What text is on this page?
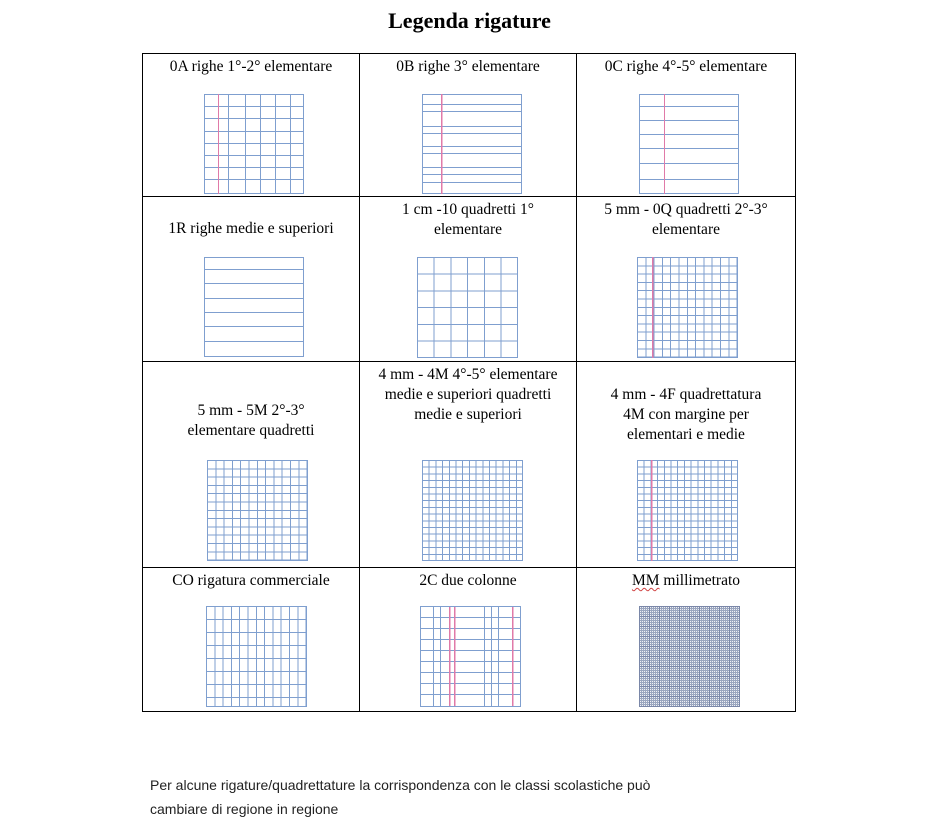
Legenda rigature
0A righe 1°-2° elementare	0B righe 3° elementare	0C righe 4°-5° elementare

1R righe medie e superiori	1 cm -10 quadretti 1° elementare	5 mm - 0Q quadretti 2°-3° elementare

5 mm - 5M 2°-3° elementare quadretti	4 mm - 4M 4°-5° elementare medie e superiori quadretti medie e superiori	4 mm - 4F quadrettatura 4M con margine per elementari e medie

CO rigatura commerciale	2C due colonne	MM millimetrato
Per alcune rigature/quadrettature la corrispondenza con le classi scolastiche può
cambiare di regione in regione
